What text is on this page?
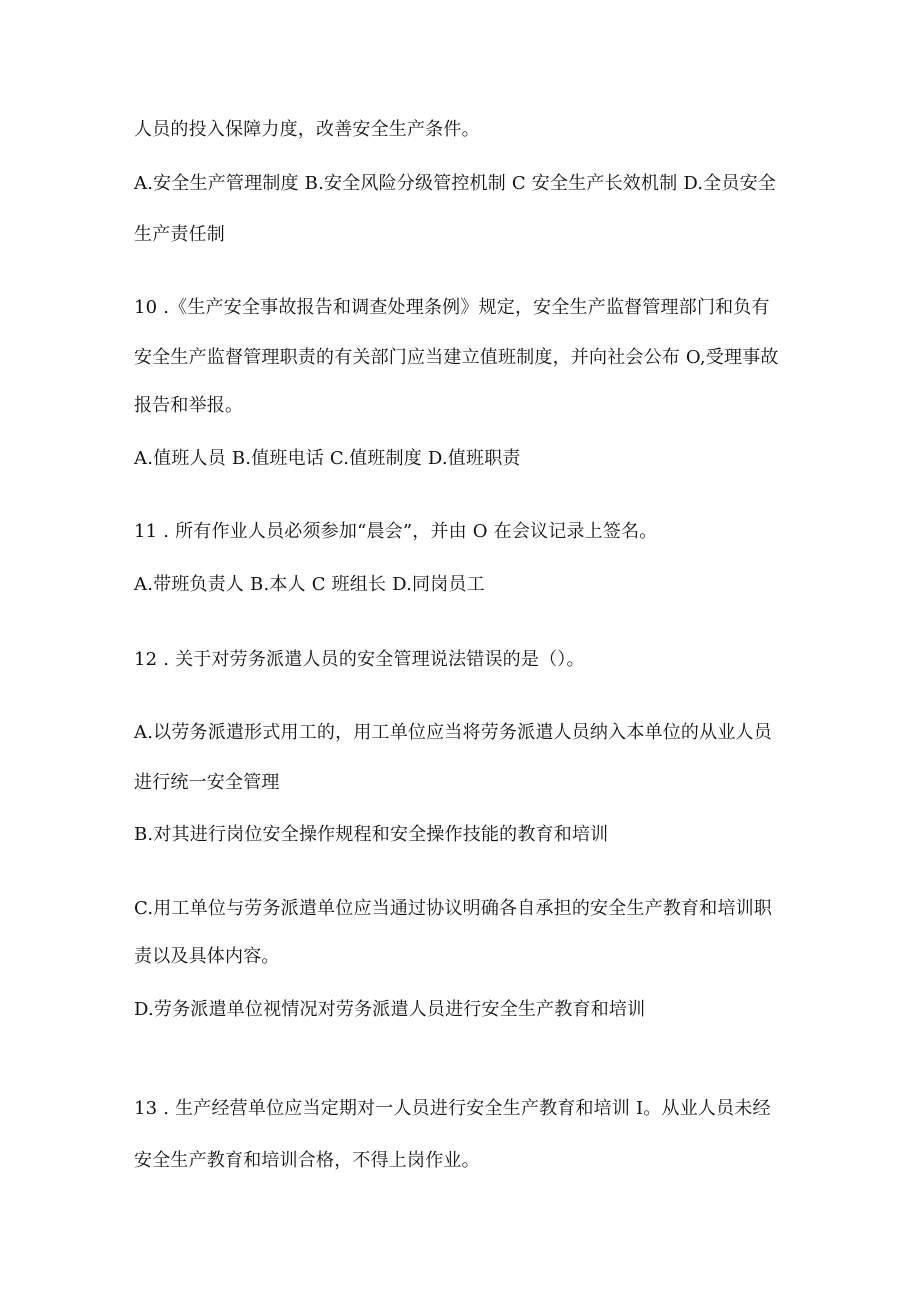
人员的投入保障力度，改善安全生产条件。
A.安全生产管理制度 B.安全风险分级管控机制 C 安全生产长效机制 D.全员安全
生产责任制
10 .《生产安全事故报告和调查处理条例》规定，安全生产监督管理部门和负有
安全生产监督管理职责的有关部门应当建立值班制度，并向社会公布 O,受理事故
报告和举报。
A.值班人员 B.值班电话 C.值班制度 D.值班职责
11 . 所有作业人员必须参加“晨会”，并由 O 在会议记录上签名。
A.带班负责人 B.本人 C 班组长 D.同岗员工
12 . 关于对劳务派遣人员的安全管理说法错误的是（）。
A.以劳务派遣形式用工的，用工单位应当将劳务派遣人员纳入本单位的从业人员
进行统一安全管理
B.对其进行岗位安全操作规程和安全操作技能的教育和培训
C.用工单位与劳务派遣单位应当通过协议明确各自承担的安全生产教育和培训职
责以及具体内容。
D.劳务派遣单位视情况对劳务派遣人员进行安全生产教育和培训
13 . 生产经营单位应当定期对一人员进行安全生产教育和培训 I。从业人员未经
安全生产教育和培训合格，不得上岗作业。
